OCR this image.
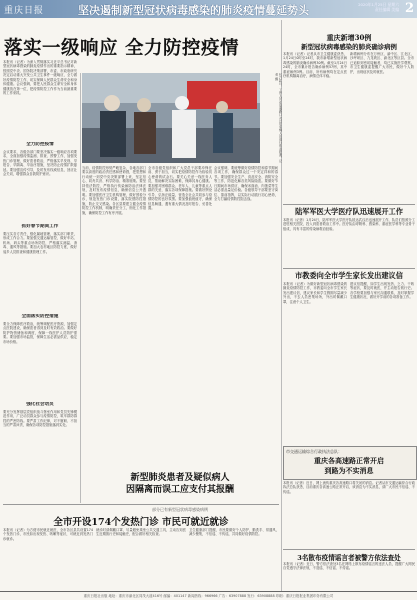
重庆日报	坚决遏制新型冠状病毒感染的肺炎疫情蔓延势头	2020年1月25日 星期六 责任编辑 美编 2
落实一级响应 全力防控疫情
本报讯（记者）为深入贯彻落实习近平总书记对新型冠状病毒感染的肺炎疫情作出的重要指示精神，按照党中央、国务院决策部署，市委、市政府研究决定启动重大突发公共卫生事件一级响应，全力做好疫情防控工作，切实保障人民群众生命安全和身体健康。会议强调，要把人民群众生命安全和身体健康放在第一位，把疫情防控工作作为当前最重要的工作来抓。
全力防控疫情
会议要求，各级各部门要坚决落实一级响应各项要求，全面加强疫情监测、排查、预警工作，加强发热门诊管理，做好患者救治，严格落实早发现、早报告、早隔离、早治疗措施，坚决防止疫情扩散蔓延。要加强宣传引导，及时发布权威信息，回应社会关切，增强群众自我防护意识。
抓好春节期间工作
要压实各方责任，强化属地管理，落实部门职责，形成工作合力。要加强交通运输管控，做好车站、机场、码头等重点场所防控，严格落实测温、消毒、通风等措施。要加大农村地区防控力度，做好返乡人员排查和健康管理工作。
全面落实防控措施
要全力保障医疗救治，统筹调配医疗资源，加强定点医院建设，确保患者得到及时有效救治。要做好防护物资储备和调度，保障一线医护人员防护需要。要加强市场监管，保障生活必需品供应，稳定市场价格。
强化社会动员
要充分发挥基层党组织战斗堡垒作用和党员先锋模范作用，广泛动员群众参与疫情防控，筑牢群防群控的严密防线。要严肃工作纪律，对不履职、不担当的严肃问责，确保各项防控措施落到实处。
1月24日，工作人员在高速路口对过往车辆人员进行体温检测。记者 摄
当前，疫情防控形势严峻复杂，各地各部门要以高度的政治责任感和使命感，把思想和行动统一到党中央决策部署上来，坚定信心、同舟共济、科学防治、精准施策。要坚持依法防控，严格执行传染病防治法律法规，及时发布疫情信息，确保信息公开透明。要加强医疗卫生机构管理，做好预检分诊，规范发热门诊设置，落实院感防控措施，防止交叉感染。各区县要建立健全疫情防控工作机制，明确责任分工，细化工作措施，确保防控工作有序开展。
全市各级党组织和广大党员干部要冲锋在前、勇于担当，切实把疫情防控作为检验初心使命的试金石。要关心关爱一线医务人员，帮助解决实际困难，保障其身心健康。要加强对困难群众、老年人、儿童等重点人群的关爱，落实各项保障措施。要做好舆论引导，弘扬正能量，营造全社会共同参与疫情防控的良好氛围。要加强值班值守，确保信息畅通，遇有重大情况及时报告、妥善处置。
会议强调，要统筹做好疫情防控和春节期间各项工作，确保群众过一个安定祥和的春节。要加强安全生产、食品安全、消防安全等工作，防范化解各类风险隐患。要做好节日期间市场供应，确保米面油、肉蛋菜等生活必需品量足价稳。各级领导干部要坚守岗位、靠前指挥，以实际行动践行初心使命，全力打赢疫情防控阻击战。
新型肺炎患者及疑似病人
因隔离而误工应支付其报酬
部分已有新型冠状病毒感染病例
全市开设174个发热门诊 市民可就近就诊
本报讯（记者）为方便市民就近就医，全市各区县共设置174个发热门诊，市民如出现发热、咳嗽等症状，可就近到发热门诊就诊。
就诊时请佩戴口罩，尽量避免乘坐公共交通工具，主动告知医生近期旅行史和接触史，配合做好相关检查。
卫生健康部门提醒，市民要做好个人防护，勤洗手、常通风，减少聚集，不信谣、不传谣，共同做好疫情防控。
重庆新增30例
新型冠状病毒感染的肺炎确诊病例
本报讯（记者）记者从市卫生健康委获悉，1月24日0时至24时，我市新增新型冠状病毒感染的肺炎确诊病例30例。截至1月24日24时，全市累计报告确诊病例57例，其中重症病例3例。目前，所有病例均在定点医疗机构隔离治疗，病情总体平稳。
新增病例分布在万州区、渝中区、江北区、沙坪坝区、九龙坡区、渝北区等区县。全市已追踪到密切接触者，均已实施医学观察。市卫生健康委提醒广大市民，做好个人防护，出现症状及时就医。
陆军军医大学医疗队迅速展开工作
本报讯（记者）1月24日，陆军军医大学医疗队抵达武汉后迅速展开工作，队员们按照分工进驻相关医院，投入到患者救治工作中。医疗队由呼吸科、感染科、重症医学科等专业骨干组成，具有丰富的传染病救治经验。
市教委向全市学生家长发出建议信
本报讯（记者）为做好新型冠状病毒感染的肺炎疫情防控工作，市教委向全市学生家长发出建议信，建议家长和学生假期尽量减少外出，不去人员密集场所，外出时佩戴口罩，注意个人卫生。
建议信提醒，如学生出现发热、乏力、干咳等症状，要及时就医，并主动报告旅行史。各学校要加强与家长沟通联系，及时掌握学生健康状况，做好开学前的各项准备工作。
市交通运输综合行政执法总队：
重庆各高速路正常开启
到路为不实消息
本报讯（记者）近日，网上流传重庆各高速路口将关闭的消息。记者从市交通运输综合行政执法总队获悉，目前重庆各高速公路正常开启，该消息为不实消息，请广大市民不信谣、不传谣。
3名散布疫情谣言者被警方依法查处
本报讯（记者）近日，警方依法查处3名在网络上散布疫情谣言的违法人员，提醒广大网民自觉遵守法律法规，不造谣、不信谣、不传谣。
重庆日报社出版 地址：重庆市渝北区同茂大道416号 邮编：401147 新闻热线：966966 广告：63907888 发行：63908888 印刷：重庆日报报业集团印务有限公司
